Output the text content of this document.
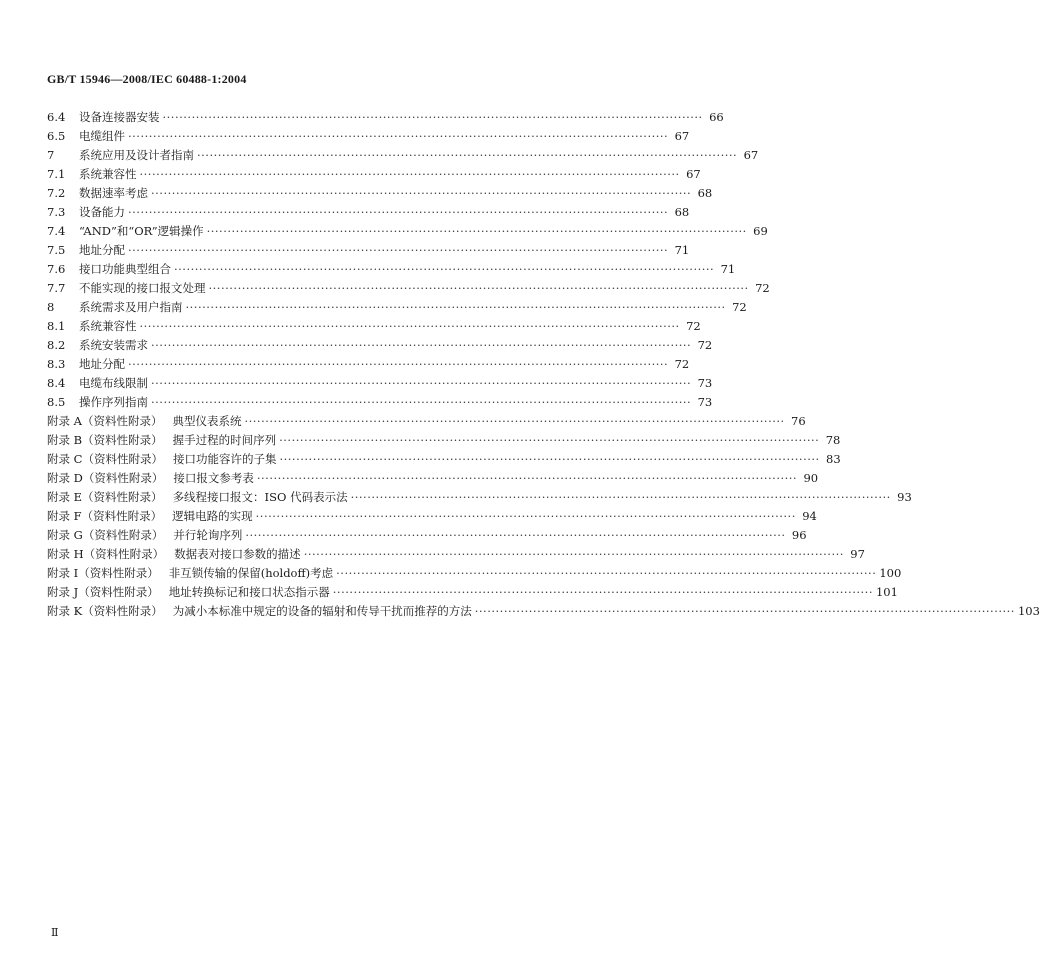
GB/T 15946—2008/IEC 60488-1:2004
6.4	设备连接器安装 ·····	66
6.5	电缆组件 ·····	67
7	系统应用及设计者指南 ·····	67
7.1	系统兼容性 ·····	67
7.2	数据速率考虑 ·····	68
7.3	设备能力 ·····	68
7.4	“AND”和“OR”逻辑操作 ·····	69
7.5	地址分配 ·····	71
7.6	接口功能典型组合 ·····	71
7.7	不能实现的接口报文处理 ·····	72
8	系统需求及用户指南 ·····	72
8.1	系统兼容性 ·····	72
8.2	系统安装需求 ·····	72
8.3	地址分配 ·····	72
8.4	电缆布线限制 ·····	73
8.5	操作序列指南 ·····	73
附录 A（资料性附录） 典型仪表系统 ·····	76
附录 B（资料性附录） 握手过程的时间序列 ·····	78
附录 C（资料性附录） 接口功能容许的子集 ·····	83
附录 D（资料性附录） 接口报文参考表 ·····	90
附录 E（资料性附录） 多线程接口报文：ISO 代码表示法 ·····	93
附录 F（资料性附录） 逻辑电路的实现 ·····	94
附录 G（资料性附录） 并行轮询序列 ·····	96
附录 H（资料性附录） 数据表对接口参数的描述 ·····	97
附录 I（资料性附录） 非互锁传输的保留(holdoff)考虑 ·····	100
附录 J（资料性附录） 地址转换标记和接口状态指示器 ·····	101
附录 K（资料性附录） 为减小本标准中规定的设备的辐射和传导干扰而推荐的方法 ·····	103
Ⅱ
